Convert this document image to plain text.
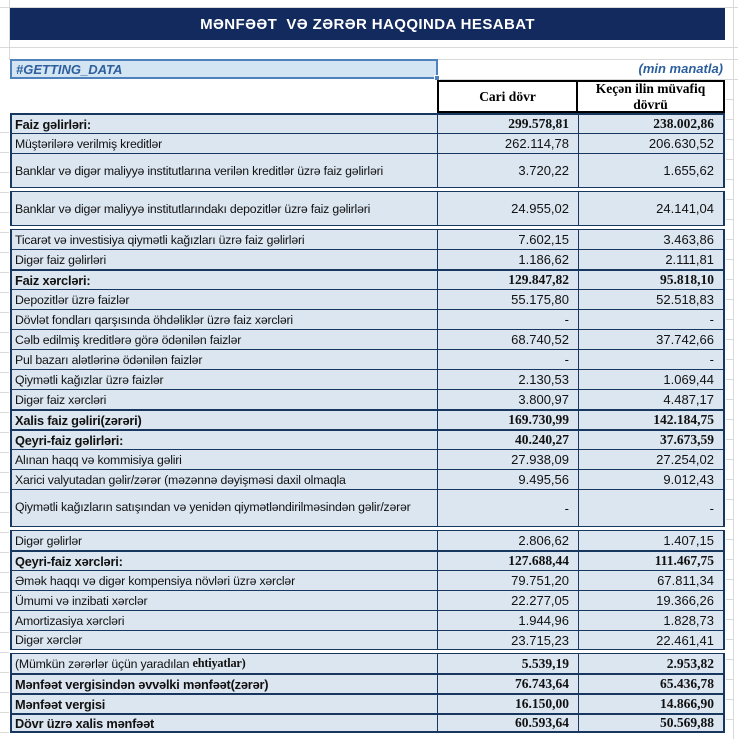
MƏNFƏƏT  VƏ ZƏRƏR HAQQINDA HESABAT
#GETTING_DATA	(min manatla)
Cari dövr
Keçən ilin müvafiq dövrü
Faiz gəlirləri:	299.578,81	238.002,86
Müştərilərə verilmiş kreditlər	262.114,78	206.630,52
Banklar və digər maliyyə institutlarına verilən kreditlər üzrə faiz gəlirləri	3.720,22	1.655,62
Banklar və digər maliyyə institutlarındakı depozitlər üzrə faiz gəlirləri	24.955,02	24.141,04
Ticarət və investisiya qiymətli kağızları üzrə faiz gəlirləri	7.602,15	3.463,86
Digər faiz gəlirləri	1.186,62	2.111,81
Faiz xərcləri:	129.847,82	95.818,10
Depozitlər üzrə faizlər	55.175,80	52.518,83
Dövlət fondları qarşısında öhdəliklər üzrə faiz xərcləri	-	-
Cəlb edilmiş kreditlərə görə ödənilən faizlər	68.740,52	37.742,66
Pul bazarı alətlərinə ödənilən faizlər	-	-
Qiymətli kağızlar üzrə faizlər	2.130,53	1.069,44
Digər faiz xərcləri	3.800,97	4.487,17
Xalis faiz gəliri(zərəri)	169.730,99	142.184,75
Qeyri-faiz gəlirləri:	40.240,27	37.673,59
Alınan haqq və kommisiya gəliri	27.938,09	27.254,02
Xarici valyutadan gəlir/zərər (məzənnə dəyişməsi daxil olmaqla	9.495,56	9.012,43
Qiymətli kağızların satışından və yenidən qiymətləndirilməsindən gəlir/zərər	-	-
Digər gəlirlər	2.806,62	1.407,15
Qeyri-faiz xərcləri:	127.688,44	111.467,75
Əmək haqqı və digər kompensiya növləri üzrə xərclər	79.751,20	67.811,34
Ümumi və inzibati xərclər	22.277,05	19.366,26
Amortizasiya xərcləri	1.944,96	1.828,73
Digər xərclər	23.715,23	22.461,41
(Mümkün zərərlər üçün yaradılan ehtiyatlar)	5.539,19	2.953,82
Mənfəət vergisindən əvvəlki mənfəət(zərər)	76.743,64	65.436,78
Mənfəət vergisi	16.150,00	14.866,90
Dövr üzrə xalis mənfəət	60.593,64	50.569,88
